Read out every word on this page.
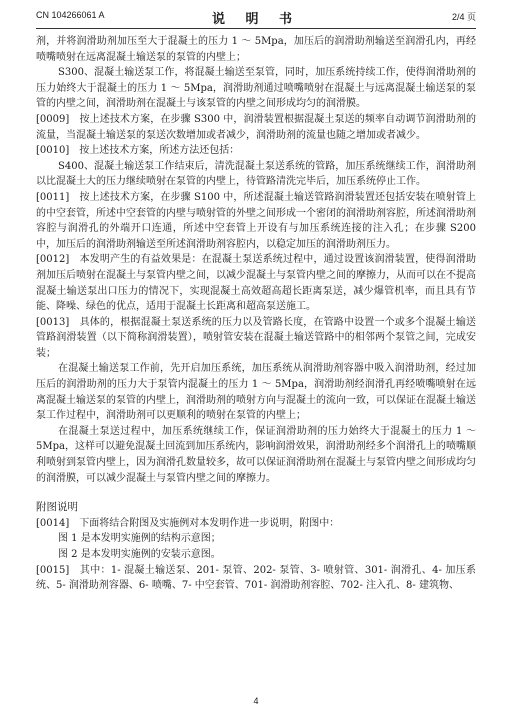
CN 104266061 A	说 明 书	2/4 页

剂，并将润滑助剂加压至大于混凝土的压力 1 ～ 5Mpa，加压后的润滑助剂输送至润滑孔内，再经喷嘴喷射在远离混凝土输送泵的泵管的内壁上；

S300、混凝土输送泵工作，将混凝土输送至泵管，同时，加压系统持续工作，使得润滑助剂的压力始终大于混凝土的压力 1 ～ 5Mpa，润滑助剂通过喷嘴喷射在混凝土与远离混凝土输送泵的泵管的内壁之间，润滑助剂在混凝土与该泵管的内壁之间形成均匀的润滑膜。

[0009]　按上述技术方案，在步骤 S300 中，润滑装置根据混凝土泵送的频率自动调节润滑助剂的流量，当混凝土输送泵的泵送次数增加或者减少，润滑助剂的流量也随之增加或者减少。

[0010]　按上述技术方案，所述方法还包括：

S400、混凝土输送泵工作结束后，清洗混凝土泵送系统的管路，加压系统继续工作，润滑助剂以比混凝土大的压力继续喷射在泵管的内壁上，待管路清洗完毕后，加压系统停止工作。

[0011]　按上述技术方案，在步骤 S100 中，所述混凝土输送管路润滑装置还包括安装在喷射管上的中空套管，所述中空套管的内壁与喷射管的外壁之间形成一个密闭的润滑助剂容腔，所述润滑助剂容腔与润滑孔的外端开口连通，所述中空套管上开设有与加压系统连接的注入孔；在步骤 S200 中，加压后的润滑助剂输送至所述润滑助剂容腔内，以稳定加压的润滑助剂压力。

[0012]　本发明产生的有益效果是：在混凝土泵送系统过程中，通过设置该润滑装置，使得润滑助剂加压后喷射在混凝土与泵管内壁之间，以减少混凝土与泵管内壁之间的摩擦力，从而可以在不提高混凝土输送泵出口压力的情况下，实现混凝土高效超高超长距离泵送，减少爆管机率，而且具有节能、降噪、绿色的优点，适用于混凝土长距离和超高泵送施工。

[0013]　具体的，根据混凝土泵送系统的压力以及管路长度，在管路中设置一个或多个混凝土输送管路润滑装置（以下简称润滑装置），喷射管安装在混凝土输送管路中的相邻两个泵管之间，完成安装；

在混凝土输送泵工作前，先开启加压系统，加压系统从润滑助剂容器中吸入润滑助剂，经过加压后的润滑助剂的压力大于泵管内混凝土的压力 1 ～ 5Mpa，润滑助剂经润滑孔再经喷嘴喷射在远离混凝土输送泵的泵管的内壁上，润滑助剂的喷射方向与混凝土的流向一致，可以保证在混凝土输送泵工作过程中，润滑助剂可以更顺利的喷射在泵管的内壁上；

在混凝土泵送过程中，加压系统继续工作，保证润滑助剂的压力始终大于混凝土的压力 1 ～ 5Mpa，这样可以避免混凝土回流到加压系统内，影响润滑效果，润滑助剂经多个润滑孔上的喷嘴顺利喷射到泵管内壁上，因为润滑孔数量较多，故可以保证润滑助剂在混凝土与泵管内壁之间形成均匀的润滑膜，可以减少混凝土与泵管内壁之间的摩擦力。

附图说明

[0014]　下面将结合附图及实施例对本发明作进一步说明，附图中：

图 1 是本发明实施例的结构示意图；

图 2 是本发明实施例的安装示意图。

[0015]　其中：1- 混凝土输送泵、201- 泵管、202- 泵管、3- 喷射管、301- 润滑孔、4- 加压系统、5- 润滑助剂容器、6- 喷嘴、7- 中空套管、701- 润滑助剂容腔、702- 注入孔、8- 建筑物、

4
